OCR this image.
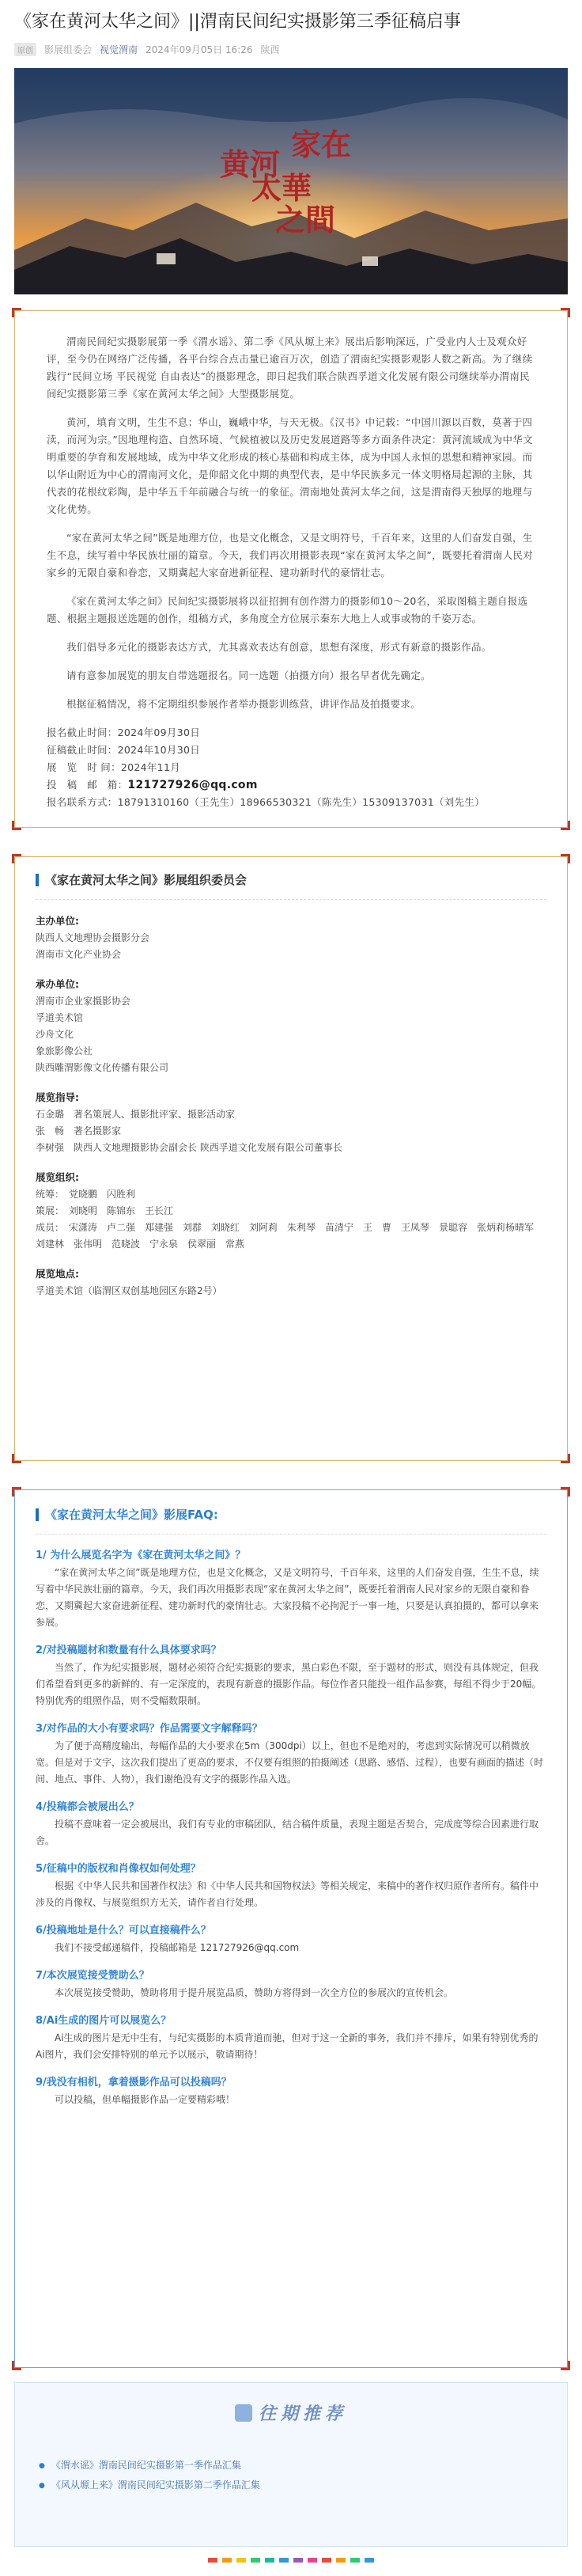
《家在黄河太华之间》||渭南民间纪实摄影第三季征稿启事
原创	影展组委会 视觉渭南 2024年09月05日 16:26 陕西
家在
黄河
太華
之間

渭南民间纪实摄影展第一季《渭水谣》、第二季《风从塬上来》展出后影响深远，广受业内人士及观众好评，至今仍在网络广泛传播，各平台综合点击量已逾百万次，创造了渭南纪实摄影观影人数之新高。为了继续践行“民间立场 平民视觉 自由表达”的摄影理念，即日起我们联合陕西孚道文化发展有限公司继续举办渭南民间纪实摄影第三季《家在黄河太华之间》大型摄影展览。

黄河，填育文明，生生不息；华山，巍峨中华，与天无极。《汉书》中记载：“中国川源以百数，莫著于四渎，而河为宗。”因地理构造、自然环境、气候植被以及历史发展道路等多方面条件决定：黄河流域成为中华文明重要的孕育和发展地域，成为中华文化形成的核心基础和构成主体，成为中国人永恒的思想和精神家园。而以华山附近为中心的渭南河文化，是仰韶文化中期的典型代表，是中华民族多元一体文明格局起源的主脉，其代表的花根纹彩陶，是中华五千年前融合与统一的象征。渭南地处黄河太华之间，这是渭南得天独厚的地理与文化优势。

“家在黄河太华之间”既是地理方位，也是文化概念，又是文明符号，千百年来，这里的人们奋发自强，生生不息，续写着中华民族壮丽的篇章。今天，我们再次用摄影表现“家在黄河太华之间”，既要托着渭南人民对家乡的无限自豪和眷恋，又期冀起大家奋进新征程、建功新时代的豪情壮志。

《家在黄河太华之间》民间纪实摄影展将以征招拥有创作潜力的摄影师10～20名，采取图稿主题自报选题、根据主题报送选题的创作，组稿方式，多角度全方位展示秦东大地上人或事或物的千姿万态。

我们倡导多元化的摄影表达方式，尤其喜欢表达有创意，思想有深度，形式有新意的摄影作品。

请有意参加展览的朋友自带选题报名。同一选题（拍摄方向）报名早者优先确定。

根据征稿情况，将不定期组织参展作者举办摄影训练营，讲评作品及拍摄要求。

报名截止时间：2024年09月30日

征稿截止时间：2024年10月30日

展　览　时 间：2024年11月

投　稿　邮　箱：121727926@qq.com

报名联系方式：18791310160（王先生）18966530321（陈先生）15309137031（刘先生）

《家在黄河太华之间》影展组织委员会
主办单位:
陕西人文地理协会摄影分会
渭南市文化产业协会
承办单位:
渭南市企业家摄影协会
孚道美术馆
沙舟文化
象旅影像公社
陕西雕渭影像文化传播有限公司
展览指导:
石金璐　著名策展人、摄影批评家、摄影活动家
张　畅　著名摄影家
李树强　陕西人文地理摄影协会副会长 陕西孚道文化发展有限公司董事长
展览组织:
统筹：　党晓鹏　闪胜利
策展：　刘晓明　陈锦东　王长江
成员：　宋潇涛　卢二强　郑建强　刘群　刘晓红　刘阿莉　朱利琴　苗清宁　王　曹　王凤琴　景聪容　张炳莉杨晴军　刘建林　张伟明　范晓波　宁永泉　侯翠丽　常燕
展览地点:
孚道美术馆（临渭区双创基地园区东路2号）
《家在黄河太华之间》影展FAQ:
1/ 为什么展览名字为《家在黄河太华之间》？
“家在黄河太华之间”既是地理方位，也是文化概念，又是文明符号，千百年来，这里的人们奋发自强，生生不息，续写着中华民族壮丽的篇章。今天，我们再次用摄影表现“家在黄河太华之间”，既要托着渭南人民对家乡的无限自豪和眷恋，又期冀起大家奋进新征程、建功新时代的豪情壮志。大家投稿不必拘泥于一事一地，只要是认真拍摄的，都可以拿来参展。
2/对投稿题材和数量有什么具体要求吗？
当然了，作为纪实摄影展，题材必须符合纪实摄影的要求，黑白彩色不限，至于题材的形式，则没有具体规定，但我们希望看到更多的新鲜的、有一定深度的，表现有新意的摄影作品。每位作者只能投一组作品参赛，每组不得少于20幅。特别优秀的组照作品，则不受幅数限制。
3/对作品的大小有要求吗？作品需要文字解释吗？
为了便于高精度输出，每幅作品的大小要求在5m（300dpi）以上，但也不是绝对的，考虑到实际情况可以稍微放宽。但是对于文字，这次我们提出了更高的要求，不仅要有组照的拍摄阐述（思路、感悟、过程），也要有画面的描述（时间、地点、事件、人物），我们谢绝没有文字的摄影作品入选。
4/投稿都会被展出么？
投稿不意味着一定会被展出，我们有专业的审稿团队，结合稿件质量，表现主题是否契合，完成度等综合因素进行取舍。
5/征稿中的版权和肖像权如何处理？
根据《中华人民共和国著作权法》和《中华人民共和国物权法》等相关规定，来稿中的著作权归原作者所有。稿件中涉及的肖像权、与展览组织方无关，请作者自行处理。
6/投稿地址是什么？可以直接稿件么？
我们不接受邮递稿件，投稿邮箱是 121727926@qq.com
7/本次展览接受赞助么？
本次展览接受赞助，赞助将用于提升展览品质，赞助方将得到一次全方位的参展次的宣传机会。
8/Ai生成的图片可以展览么？
Ai生成的图片是无中生有，与纪实摄影的本质背道而驰，但对于这一全新的事务，我们并不排斥，如果有特别优秀的Ai图片，我们会安排特别的单元予以展示，敬请期待！
9/我没有相机，拿着摄影作品可以投稿吗？
可以投稿，但单幅摄影作品一定要精彩哦！
往期推荐
● 《渭水谣》渭南民间纪实摄影第一季作品汇集
● 《风从塬上来》渭南民间纪实摄影第二季作品汇集
